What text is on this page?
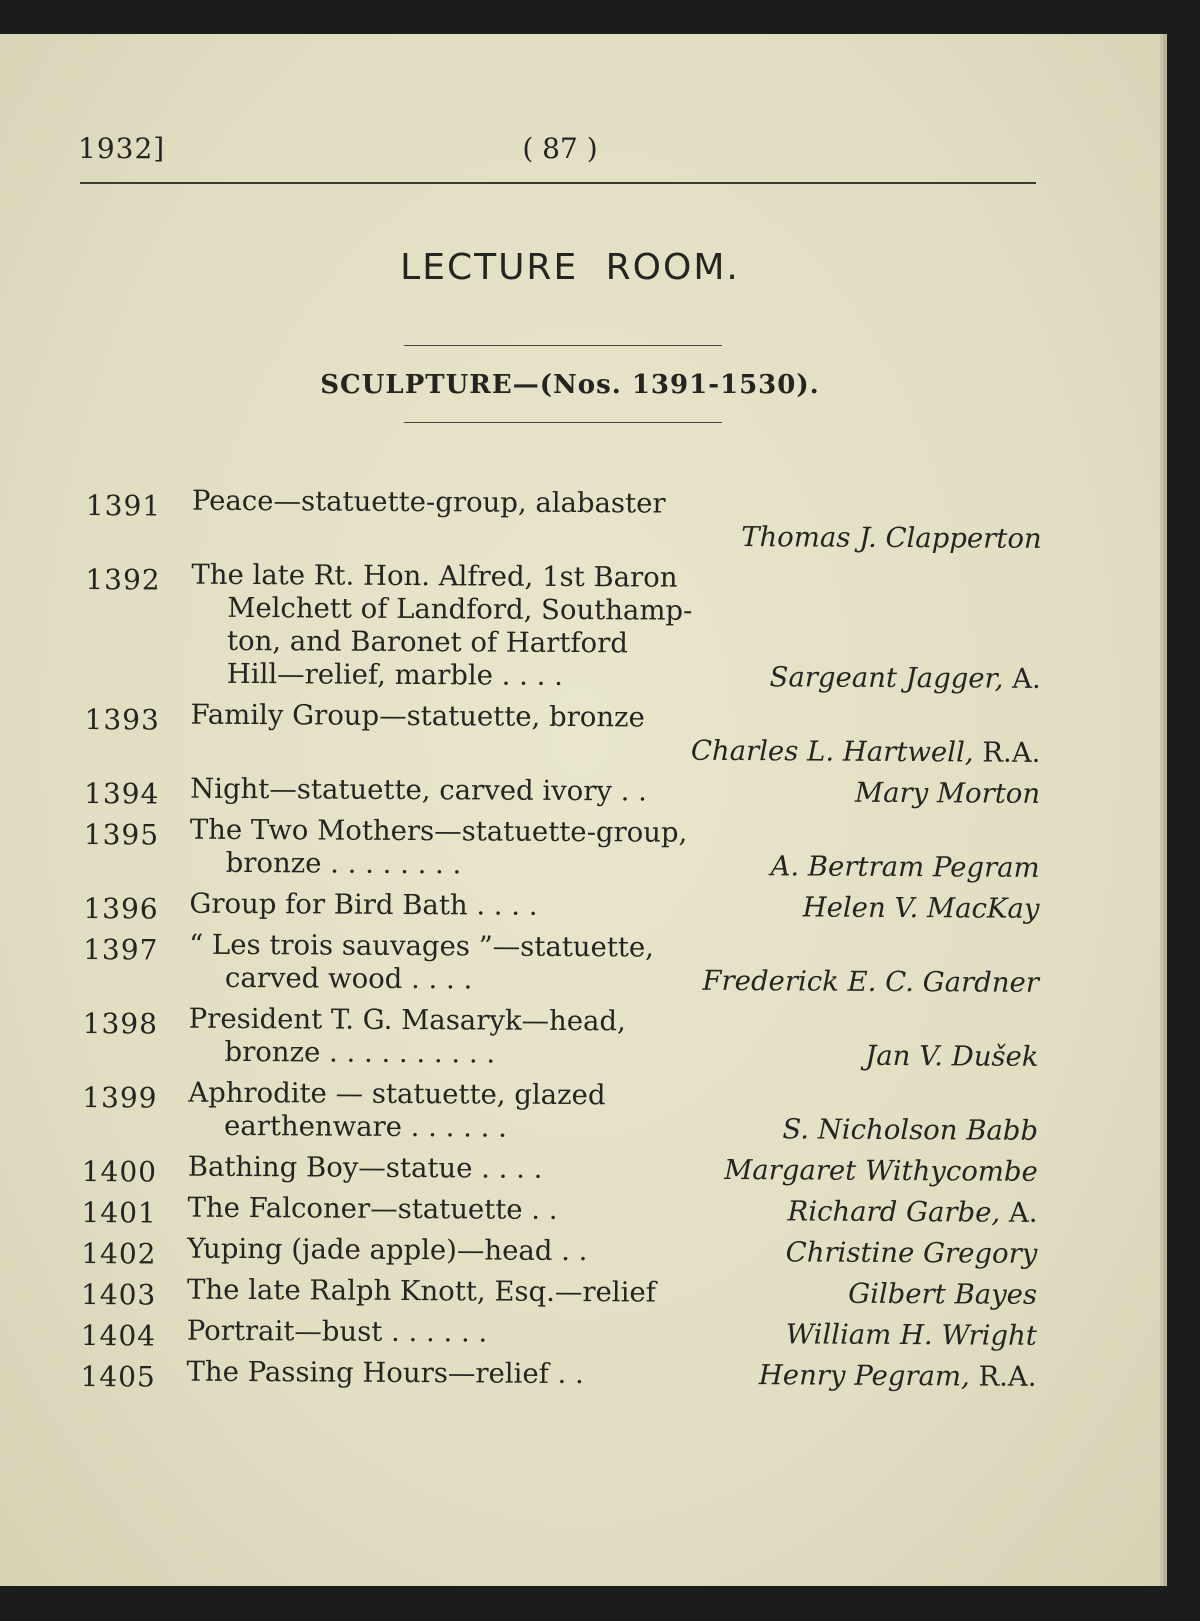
1932]	( 87 )
LECTURE ROOM.
SCULPTURE—(Nos. 1391-1530).
1391	Peace—statuette-group, alabaster
Thomas J. Clapperton
1392	The late Rt. Hon. Alfred, 1st Baron
Melchett of Landford, Southamp-
ton, and Baronet of Hartford
Hill—relief, marble . . . .	Sargeant Jagger, A.
1393	Family Group—statuette, bronze
Charles L. Hartwell, R.A.
1394	Night—statuette, carved ivory . .	Mary Morton
1395	The Two Mothers—statuette-group,
bronze . . . . . . . .	A. Bertram Pegram
1396	Group for Bird Bath . . . .	Helen V. MacKay
1397	“ Les trois sauvages ”—statuette,
carved wood . . . .	Frederick E. C. Gardner
1398	President T. G. Masaryk—head,
bronze . . . . . . . . . .	Jan V. Dušek
1399	Aphrodite — statuette, glazed
earthenware . . . . . .	S. Nicholson Babb
1400	Bathing Boy—statue . . . .	Margaret Withycombe
1401	The Falconer—statuette . .	Richard Garbe, A.
1402	Yuping (jade apple)—head . .	Christine Gregory
1403	The late Ralph Knott, Esq.—relief	Gilbert Bayes
1404	Portrait—bust . . . . . .	William H. Wright
1405	The Passing Hours—relief . .	Henry Pegram, R.A.
